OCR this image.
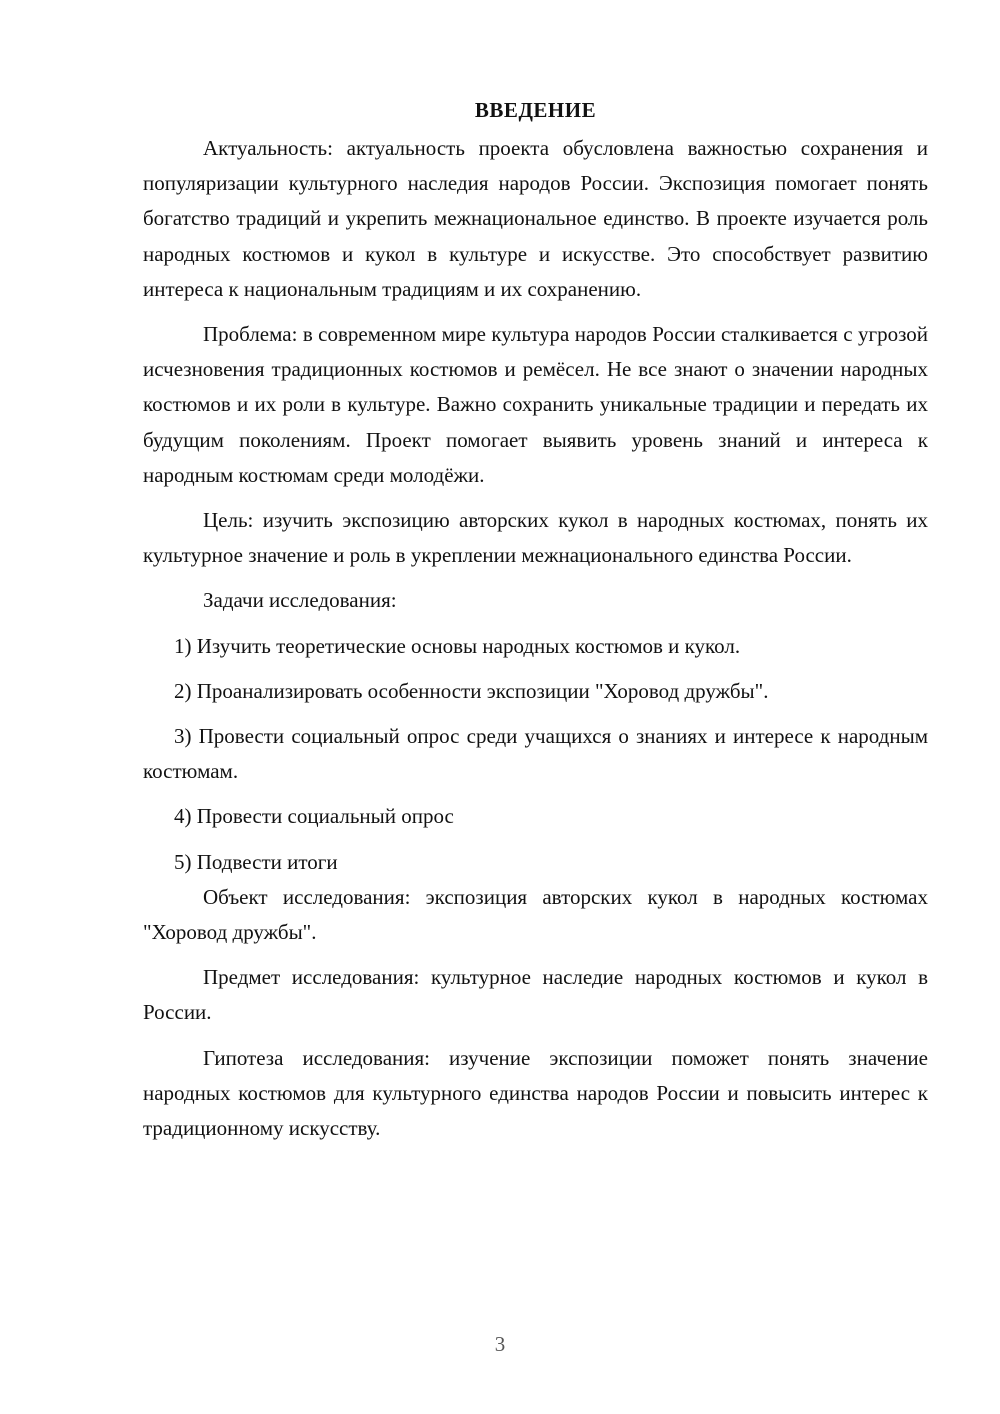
ВВЕДЕНИЕ

Актуальность: актуальность проекта обусловлена важностью сохранения и популяризации культурного наследия народов России. Экспозиция помогает понять богатство традиций и укрепить межнациональное единство. В проекте изучается роль народных костюмов и кукол в культуре и искусстве. Это способствует развитию интереса к национальным традициям и их сохранению.

Проблема: в современном мире культура народов России сталкивается с угрозой исчезновения традиционных костюмов и ремёсел. Не все знают о значении народных костюмов и их роли в культуре. Важно сохранить уникальные традиции и передать их будущим поколениям. Проект помогает выявить уровень знаний и интереса к народным костюмам среди молодёжи.

Цель: изучить экспозицию авторских кукол в народных костюмах, понять их культурное значение и роль в укреплении межнационального единства России.

Задачи исследования:

1) Изучить теоретические основы народных костюмов и кукол.

2) Проанализировать особенности экспозиции "Хоровод дружбы".

3) Провести социальный опрос среди учащихся о знаниях и интересе к народным костюмам.

4) Провести социальный опрос

5) Подвести итоги

Объект исследования: экспозиция авторских кукол в народных костюмах "Хоровод дружбы".

Предмет исследования: культурное наследие народных костюмов и кукол в России.

Гипотеза исследования: изучение экспозиции поможет понять значение народных костюмов для культурного единства народов России и повысить интерес к традиционному искусству.

3
